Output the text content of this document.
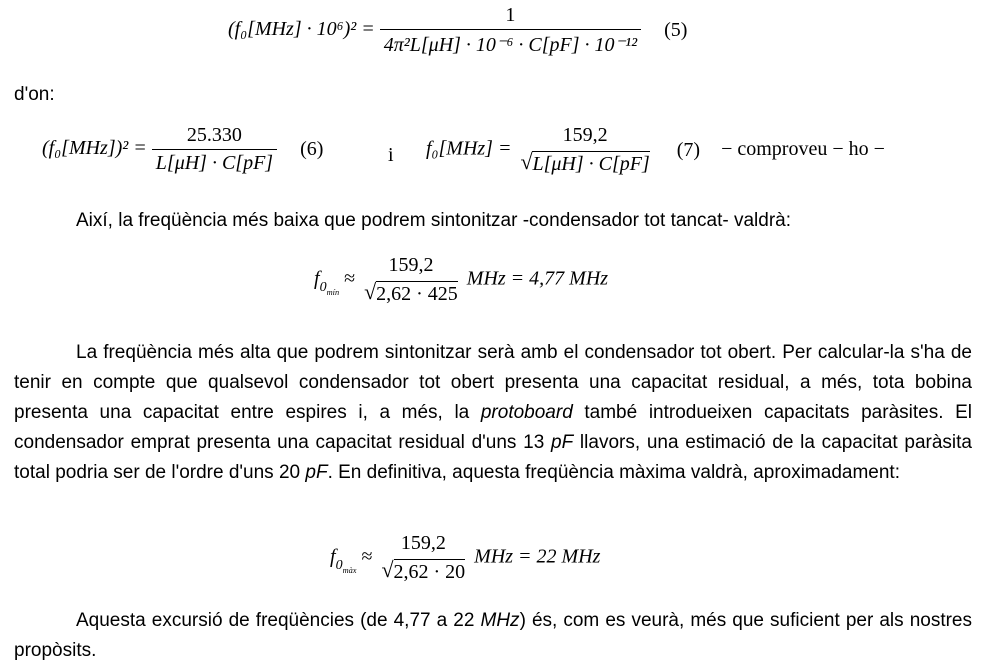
$(f_0[MHz] \cdot 10^6)^2 = \frac{1}{\text{4π²L[μH] · 10⁻⁶ · C[pF] · 10⁻¹²}} (5)$
d'on:
$(f_0[MHz])^2 = \frac{25.330}{L[\mu H] \cdot C[pF]} (6)$	i f₀[MHz] =
159,2
√ L[μH] · C[pF]
(7) − comproveu − ho −
Així, la freqüència més baixa que podrem sintonitzar -condensador tot tancat- valdrà:
$f_{0_{mín}}$ ≈
159,2
√ 2,62 · 425
MHz = 4,77 MHz
La freqüència més alta que podrem sintonitzar serà amb el condensador tot obert. Per calcular-la s'ha de tenir en compte que qualsevol condensador tot obert presenta una capacitat residual, a més, tota bobina presenta una capacitat entre espires i, a més, la protoboard també introdueixen capacitats paràsites. El condensador emprat presenta una capacitat residual d'uns 13 pF llavors, una estimació de la capacitat paràsita total podria ser de l'ordre d'uns 20 pF. En definitiva, aquesta freqüència màxima valdrà, aproximadament:
$f_{0_{màx}}$ ≈
159,2
√ 2,62 · 20
MHz = 22 MHz
Aquesta excursió de freqüències (de 4,77 a 22 MHz) és, com es veurà, més que suficient per als nostres propòsits.
